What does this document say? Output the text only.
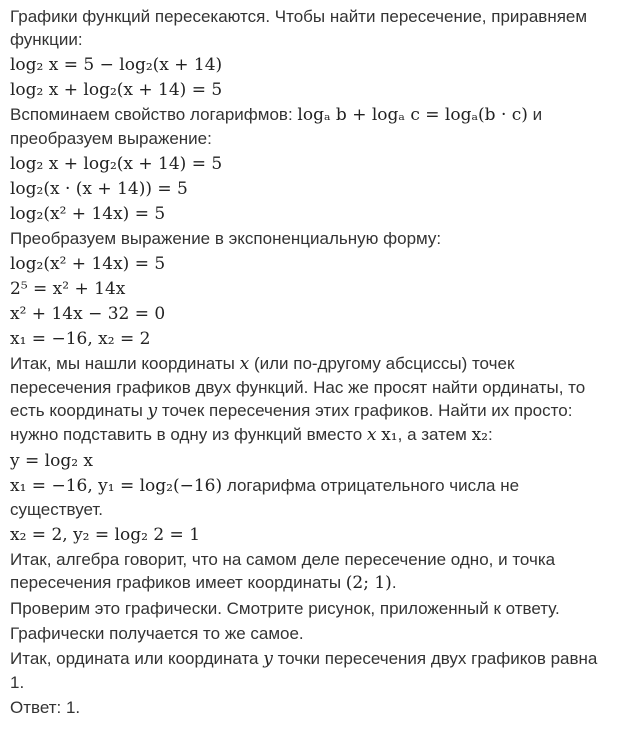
Графики функций пересекаются. Чтобы найти пересечение, приравняем функции:

log₂ x = 5 − log₂(x + 14)

log₂ x + log₂(x + 14) = 5

Вспоминаем свойство логарифмов: logₐ b + logₐ c = logₐ(b · c) и преобразуем выражение:

log₂ x + log₂(x + 14) = 5

log₂(x · (x + 14)) = 5

log₂(x² + 14x) = 5

Преобразуем выражение в экспоненциальную форму:

log₂(x² + 14x) = 5

2⁵ = x² + 14x

x² + 14x − 32 = 0

x₁ = −16, x₂ = 2

Итак, мы нашли координаты x (или по-другому абсциссы) точек пересечения графиков двух функций. Нас же просят найти ординаты, то есть координаты y точек пересечения этих графиков. Найти их просто: нужно подставить в одну из функций вместо x x₁, а затем x₂:

y = log₂ x

x₁ = −16, y₁ = log₂(−16) логарифма отрицательного числа не существует.

x₂ = 2, y₂ = log₂ 2 = 1

Итак, алгебра говорит, что на самом деле пересечение одно, и точка пересечения графиков имеет координаты (2; 1).

Проверим это графически. Смотрите рисунок, приложенный к ответу.

Графически получается то же самое.

Итак, ордината или координата y точки пересечения двух графиков равна 1.

Ответ: 1.
